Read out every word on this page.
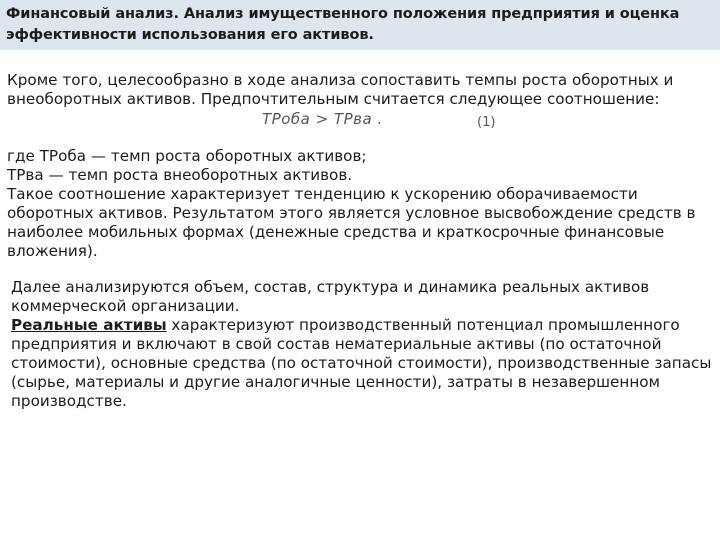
Финансовый анализ. Анализ имущественного положения предприятия и оценка эффективности использования его активов.

Кроме того, целесообразно в ходе анализа сопоставить темпы роста оборотных и внеоборотных активов. Предпочтительным считается следующее соотношение:

TPоба > TPва .	(1)

где ТРоба — темп роста оборотных активов;

ТРва — темп роста внеоборотных активов.

Такое соотношение характеризует тенденцию к ускорению оборачиваемости оборотных активов. Результатом этого является условное высвобождение средств в наиболее мобильных формах (денежные средства и краткосрочные финансовые вложения).

Далее анализируются объем, состав, структура и динамика реальных активов коммерческой организации.

Реальные активы характеризуют производственный потенциал промышленного предприятия и включают в свой состав нематериальные активы (по остаточной стоимости), основные средства (по остаточной стоимости), производственные запасы (сырье, материалы и другие аналогичные ценности), затраты в незавершенном производстве.
